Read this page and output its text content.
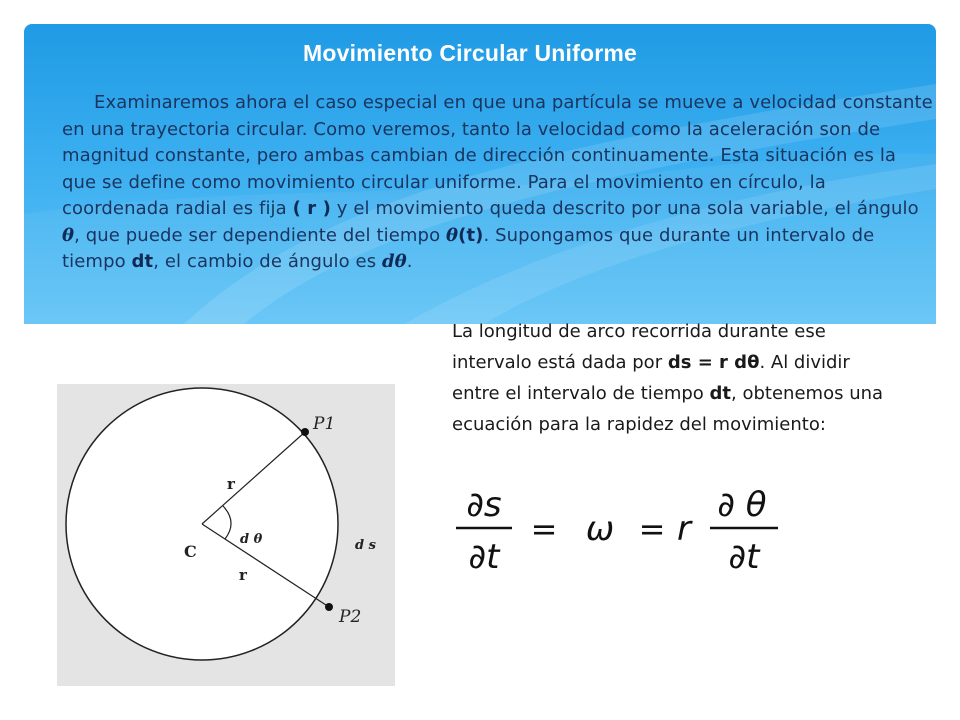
Movimiento Circular Uniforme
Examinaremos ahora el caso especial en que una partícula se mueve a velocidad constante en una trayectoria circular. Como veremos, tanto la velocidad como la aceleración son de magnitud constante, pero ambas cambian de dirección continuamente. Esta situación es la que se define como movimiento circular uniforme. Para el movimiento en círculo, la coordenada radial es fija ( r ) y el movimiento queda descrito por una sola variable, el ángulo θ, que puede ser dependiente del tiempo θ(t). Supongamos que durante un intervalo de tiempo dt, el cambio de ángulo es dθ.
La longitud de arco recorrida durante ese intervalo está dada por ds = r dθ. Al dividir entre el intervalo de tiempo dt, obtenemos una ecuación para la rapidez del movimiento:
P1
P2
r
r
C
d θ	d s
∂s
∂t
= ω = r
∂ θ
∂t
